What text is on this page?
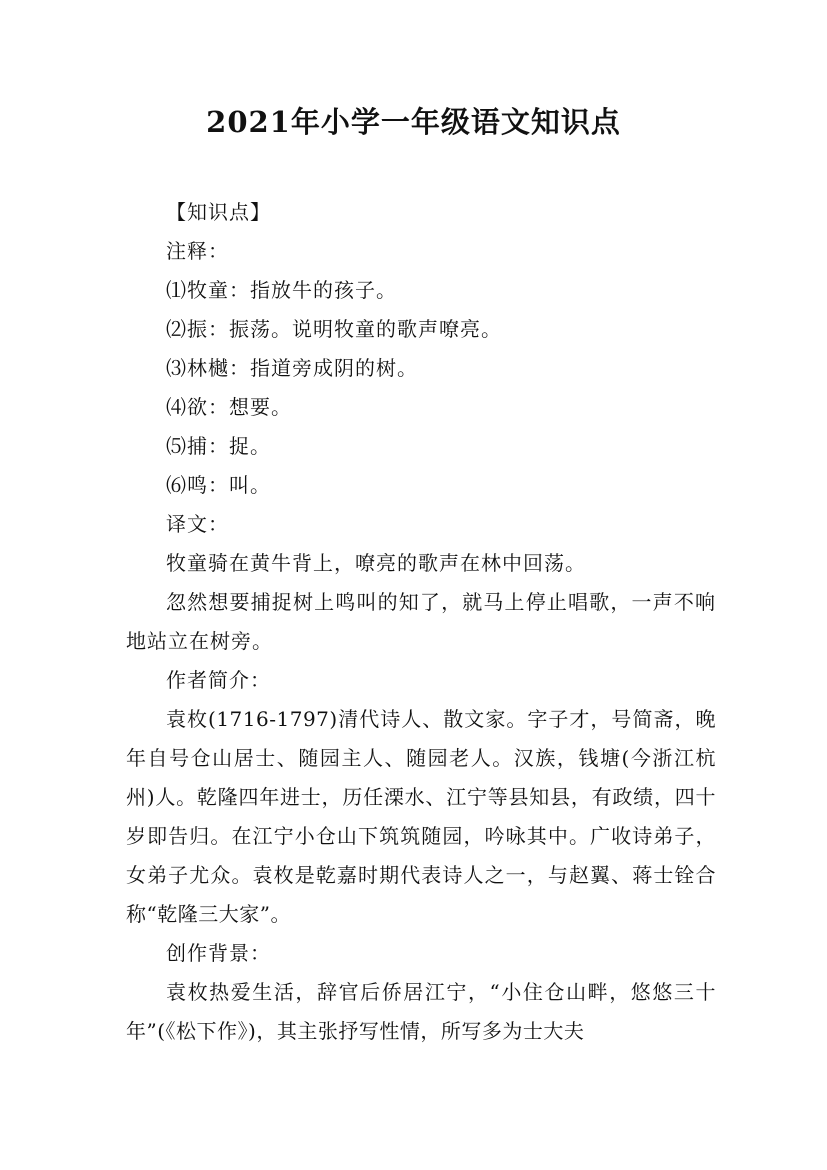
2021年小学一年级语文知识点

【知识点】

注释：

⑴牧童：指放牛的孩子。

⑵振：振荡。说明牧童的歌声嘹亮。

⑶林樾：指道旁成阴的树。

⑷欲：想要。

⑸捕：捉。

⑹鸣：叫。

译文：

牧童骑在黄牛背上，嘹亮的歌声在林中回荡。

忽然想要捕捉树上鸣叫的知了，就马上停止唱歌，一声不响地站立在树旁。

作者简介：

袁枚(1716-1797)清代诗人、散文家。字子才，号简斋，晚年自号仓山居士、随园主人、随园老人。汉族，钱塘(今浙江杭州)人。乾隆四年进士，历任溧水、江宁等县知县，有政绩，四十岁即告归。在江宁小仓山下筑筑随园，吟咏其中。广收诗弟子，女弟子尤众。袁枚是乾嘉时期代表诗人之一，与赵翼、蒋士铨合称“乾隆三大家”。

创作背景：

袁枚热爱生活，辞官后侨居江宁，“小住仓山畔，悠悠三十年”(《松下作》)，其主张抒写性情，所写多为士大夫
